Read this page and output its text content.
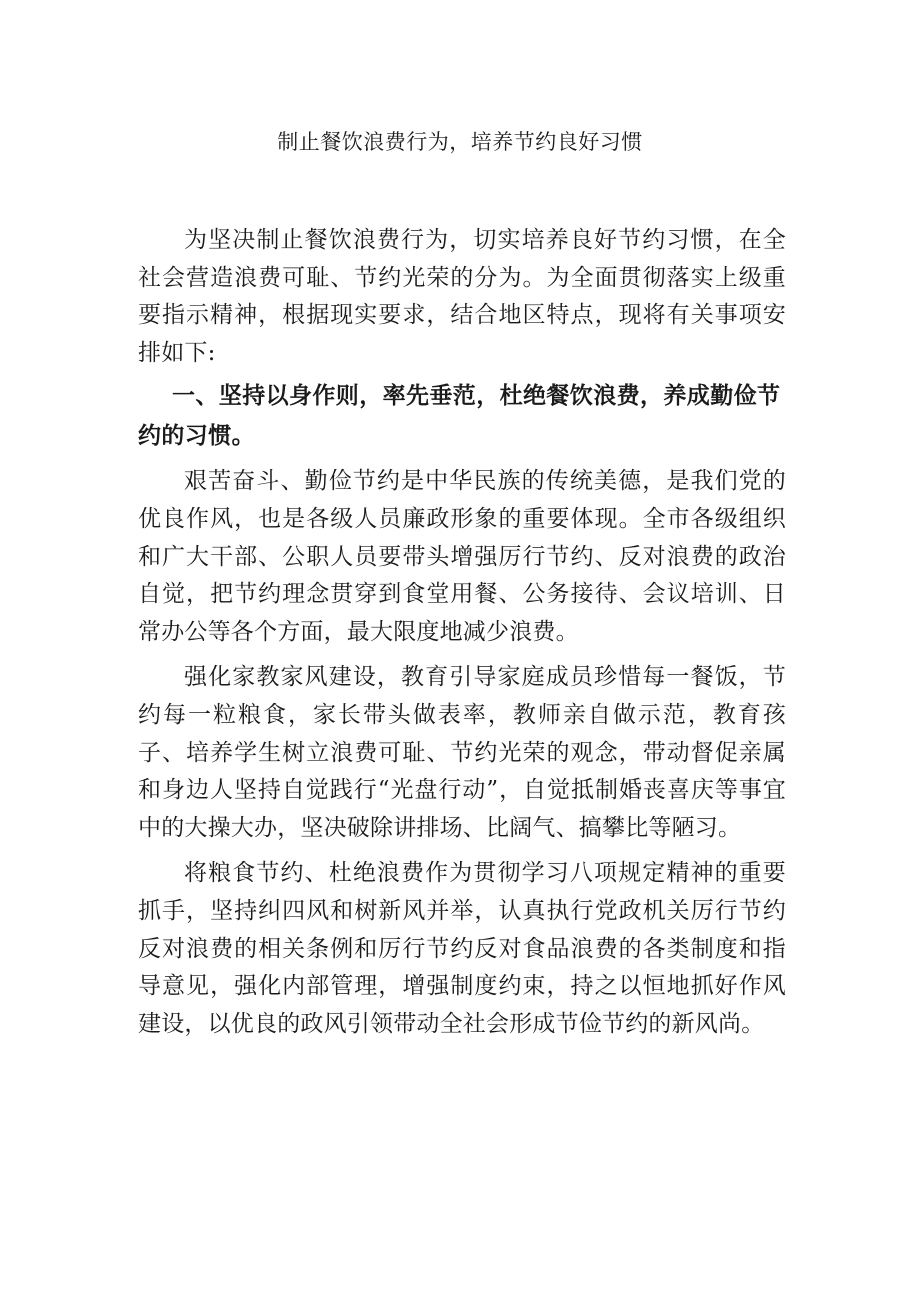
制止餐饮浪费行为，培养节约良好习惯

为坚决制止餐饮浪费行为，切实培养良好节约习惯，在全社会营造浪费可耻、节约光荣的分为。为全面贯彻落实上级重要指示精神，根据现实要求，结合地区特点，现将有关事项安排如下:

一、坚持以身作则，率先垂范，杜绝餐饮浪费，养成勤俭节约的习惯。

艰苦奋斗、勤俭节约是中华民族的传统美德，是我们党的优良作风，也是各级人员廉政形象的重要体现。全市各级组织和广大干部、公职人员要带头增强厉行节约、反对浪费的政治自觉，把节约理念贯穿到食堂用餐、公务接待、会议培训、日常办公等各个方面，最大限度地减少浪费。

强化家教家风建设，教育引导家庭成员珍惜每一餐饭，节约每一粒粮食，家长带头做表率，教师亲自做示范，教育孩子、培养学生树立浪费可耻、节约光荣的观念，带动督促亲属和身边人坚持自觉践行“光盘行动”，自觉抵制婚丧喜庆等事宜中的大操大办，坚决破除讲排场、比阔气、搞攀比等陋习。

将粮食节约、杜绝浪费作为贯彻学习八项规定精神的重要抓手，坚持纠四风和树新风并举，认真执行党政机关厉行节约反对浪费的相关条例和厉行节约反对食品浪费的各类制度和指导意见，强化内部管理，增强制度约束，持之以恒地抓好作风建设，以优良的政风引领带动全社会形成节俭节约的新风尚。
